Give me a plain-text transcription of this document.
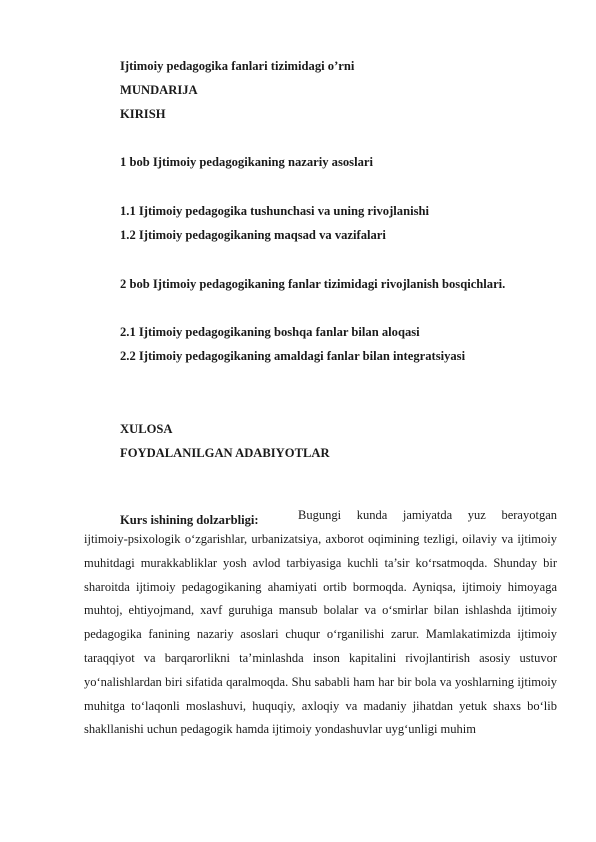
Ijtimoiy pedagogika fanlari tizimidagi o’rni

MUNDARIJA

KIRISH

1 bob Ijtimoiy pedagogikaning nazariy asoslari

1.1 Ijtimoiy pedagogika tushunchasi va uning rivojlanishi

1.2 Ijtimoiy pedagogikaning maqsad va vazifalari

2 bob Ijtimoiy pedagogikaning fanlar tizimidagi rivojlanish bosqichlari.

2.1 Ijtimoiy pedagogikaning boshqa fanlar bilan aloqasi

2.2 Ijtimoiy pedagogikaning amaldagi fanlar bilan integratsiyasi

XULOSA

FOYDALANILGAN ADABIYOTLAR

Kurs ishining dolzarbligi:	Bugungi kunda jamiyatda yuz berayotgan

ijtimoiy-psixologik o‘zgarishlar, urbanizatsiya, axborot oqimining tezligi, oilaviy va ijtimoiy muhitdagi murakkabliklar yosh avlod tarbiyasiga kuchli ta’sir ko‘rsatmoqda. Shunday bir sharoitda ijtimoiy pedagogikaning ahamiyati ortib bormoqda. Ayniqsa, ijtimoiy himoyaga muhtoj, ehtiyojmand, xavf guruhiga mansub bolalar va o‘smirlar bilan ishlashda ijtimoiy pedagogika fanining nazariy asoslari chuqur o‘rganilishi zarur. Mamlakatimizda ijtimoiy taraqqiyot va barqarorlikni ta’minlashda inson kapitalini rivojlantirish asosiy ustuvor yo‘nalishlardan biri sifatida qaralmoqda. Shu sababli ham har bir bola va yoshlarning ijtimoiy muhitga to‘laqonli moslashuvi, huquqiy, axloqiy va madaniy jihatdan yetuk shaxs bo‘lib shakllanishi uchun pedagogik hamda ijtimoiy yondashuvlar uyg‘unligi muhim
